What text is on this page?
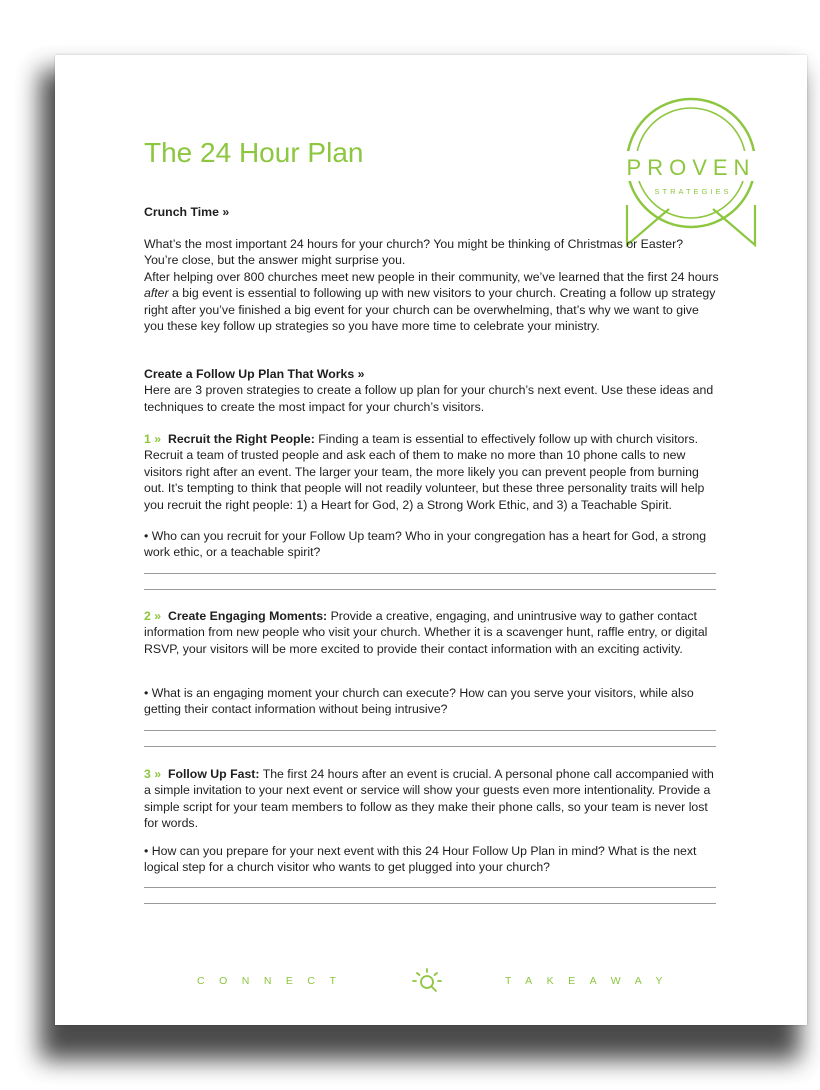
PROVEN
STRATEGIES
The 24 Hour Plan

Crunch Time »

What’s the most important 24 hours for your church? You might be thinking of Christmas or Easter? You’re close, but the answer might surprise you.

After helping over 800 churches meet new people in their community, we’ve learned that the first 24 hours after a big event is essential to following up with new visitors to your church. Creating a follow up strategy right after you’ve finished a big event for your church can be overwhelming, that’s why we want to give you these key follow up strategies so you have more time to celebrate your ministry.

Create a Follow Up Plan That Works »
Here are 3 proven strategies to create a follow up plan for your church’s next event. Use these ideas and techniques to create the most impact for your church’s visitors.

1 » Recruit the Right People: Finding a team is essential to effectively follow up with church visitors. Recruit a team of trusted people and ask each of them to make no more than 10 phone calls to new visitors right after an event. The larger your team, the more likely you can prevent people from burning out. It’s tempting to think that people will not readily volunteer, but these three personality traits will help you recruit the right people: 1) a Heart for God, 2) a Strong Work Ethic, and 3) a Teachable Spirit.

• Who can you recruit for your Follow Up team? Who in your congregation has a heart for God, a strong work ethic, or a teachable spirit?

2 » Create Engaging Moments: Provide a creative, engaging, and unintrusive way to gather contact information from new people who visit your church. Whether it is a scavenger hunt, raffle entry, or digital RSVP, your visitors will be more excited to provide their contact information with an exciting activity.

• What is an engaging moment your church can execute? How can you serve your visitors, while also getting their contact information without being intrusive?

3 » Follow Up Fast: The first 24 hours after an event is crucial. A personal phone call accompanied with a simple invitation to your next event or service will show your guests even more intentionality. Provide a simple script for your team members to follow as they make their phone calls, so your team is never lost for words.

• How can you prepare for your next event with this 24 Hour Follow Up Plan in mind? What is the next logical step for a church visitor who wants to get plugged into your church?

CONNECT	TAKEAWAY
